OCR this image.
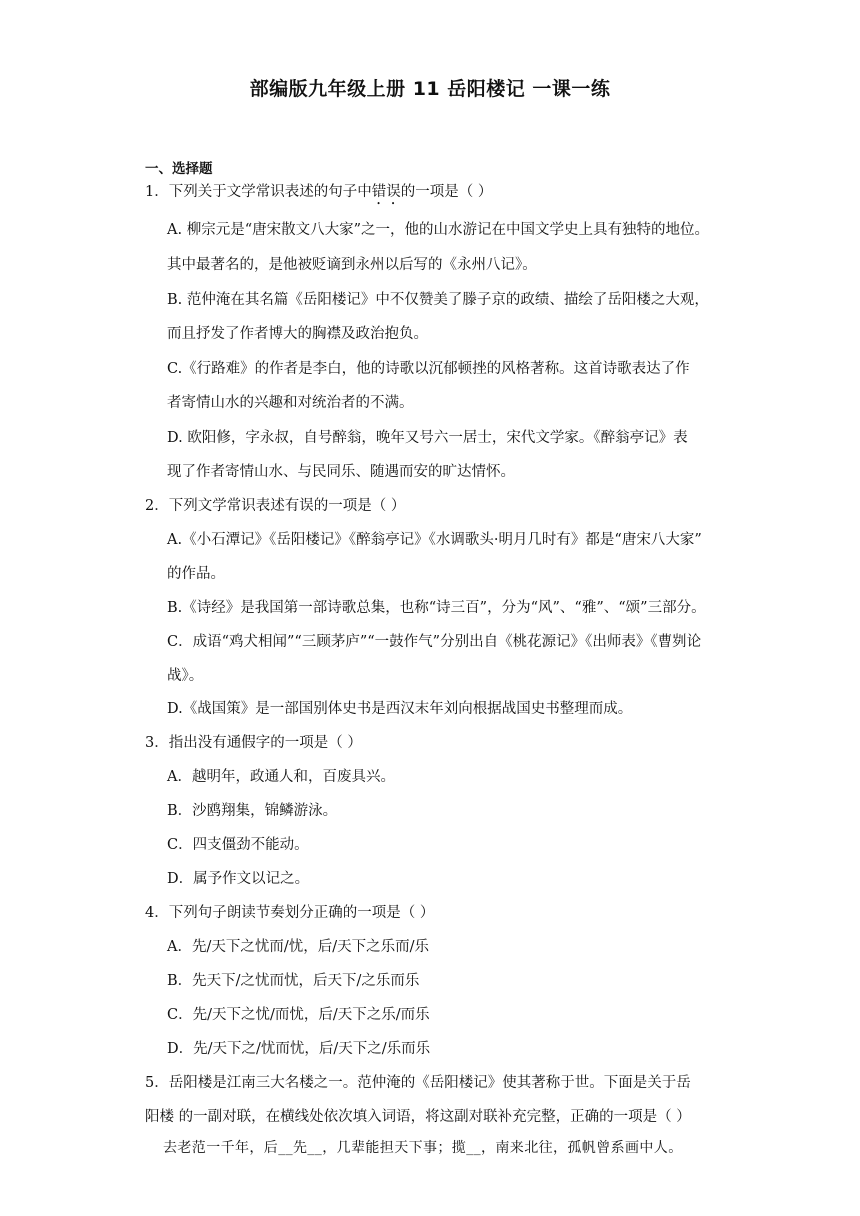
部编版九年级上册 11 岳阳楼记 一课一练
一、选择题
1．下列关于文学常识表述的句子中错误的一项是（ ）
A. 柳宗元是“唐宋散文八大家”之一，他的山水游记在中国文学史上具有独特的地位。
其中最著名的，是他被贬谪到永州以后写的《永州八记》。
B. 范仲淹在其名篇《岳阳楼记》中不仅赞美了滕子京的政绩、描绘了岳阳楼之大观，
而且抒发了作者博大的胸襟及政治抱负。
C.《行路难》的作者是李白，他的诗歌以沉郁顿挫的风格著称。这首诗歌表达了作
者寄情山水的兴趣和对统治者的不满。
D. 欧阳修，字永叔，自号醉翁，晚年又号六一居士，宋代文学家。《醉翁亭记》表
现了作者寄情山水、与民同乐、随遇而安的旷达情怀。
2．下列文学常识表述有误的一项是（ ）
A.《小石潭记》《岳阳楼记》《醉翁亭记》《水调歌头·明月几时有》都是“唐宋八大家”
的作品。
B.《诗经》是我国第一部诗歌总集，也称“诗三百”，分为“风”、“雅”、“颂”三部分。
C．成语“鸡犬相闻”“三顾茅庐”“一鼓作气”分别出自《桃花源记》《出师表》《曹刿论
战》。
D.《战国策》是一部国别体史书是西汉末年刘向根据战国史书整理而成。
3．指出没有通假字的一项是（ ）
A．越明年，政通人和，百废具兴。
B．沙鸥翔集，锦鳞游泳。
C．四支僵劲不能动。
D．属予作文以记之。
4．下列句子朗读节奏划分正确的一项是（ ）
A．先/天下之忧而/忧，后/天下之乐而/乐
B．先天下/之忧而忧，后天下/之乐而乐
C．先/天下之忧/而忧，后/天下之乐/而乐
D．先/天下之/忧而忧，后/天下之/乐而乐
5．岳阳楼是江南三大名楼之一。范仲淹的《岳阳楼记》使其著称于世。下面是关于岳
阳楼 的一副对联，在横线处依次填入词语，将这副对联补充完整，正确的一项是（ ）
去老范一千年，后__先__，几辈能担天下事；揽__，南来北往，孤帆曾系画中人。
